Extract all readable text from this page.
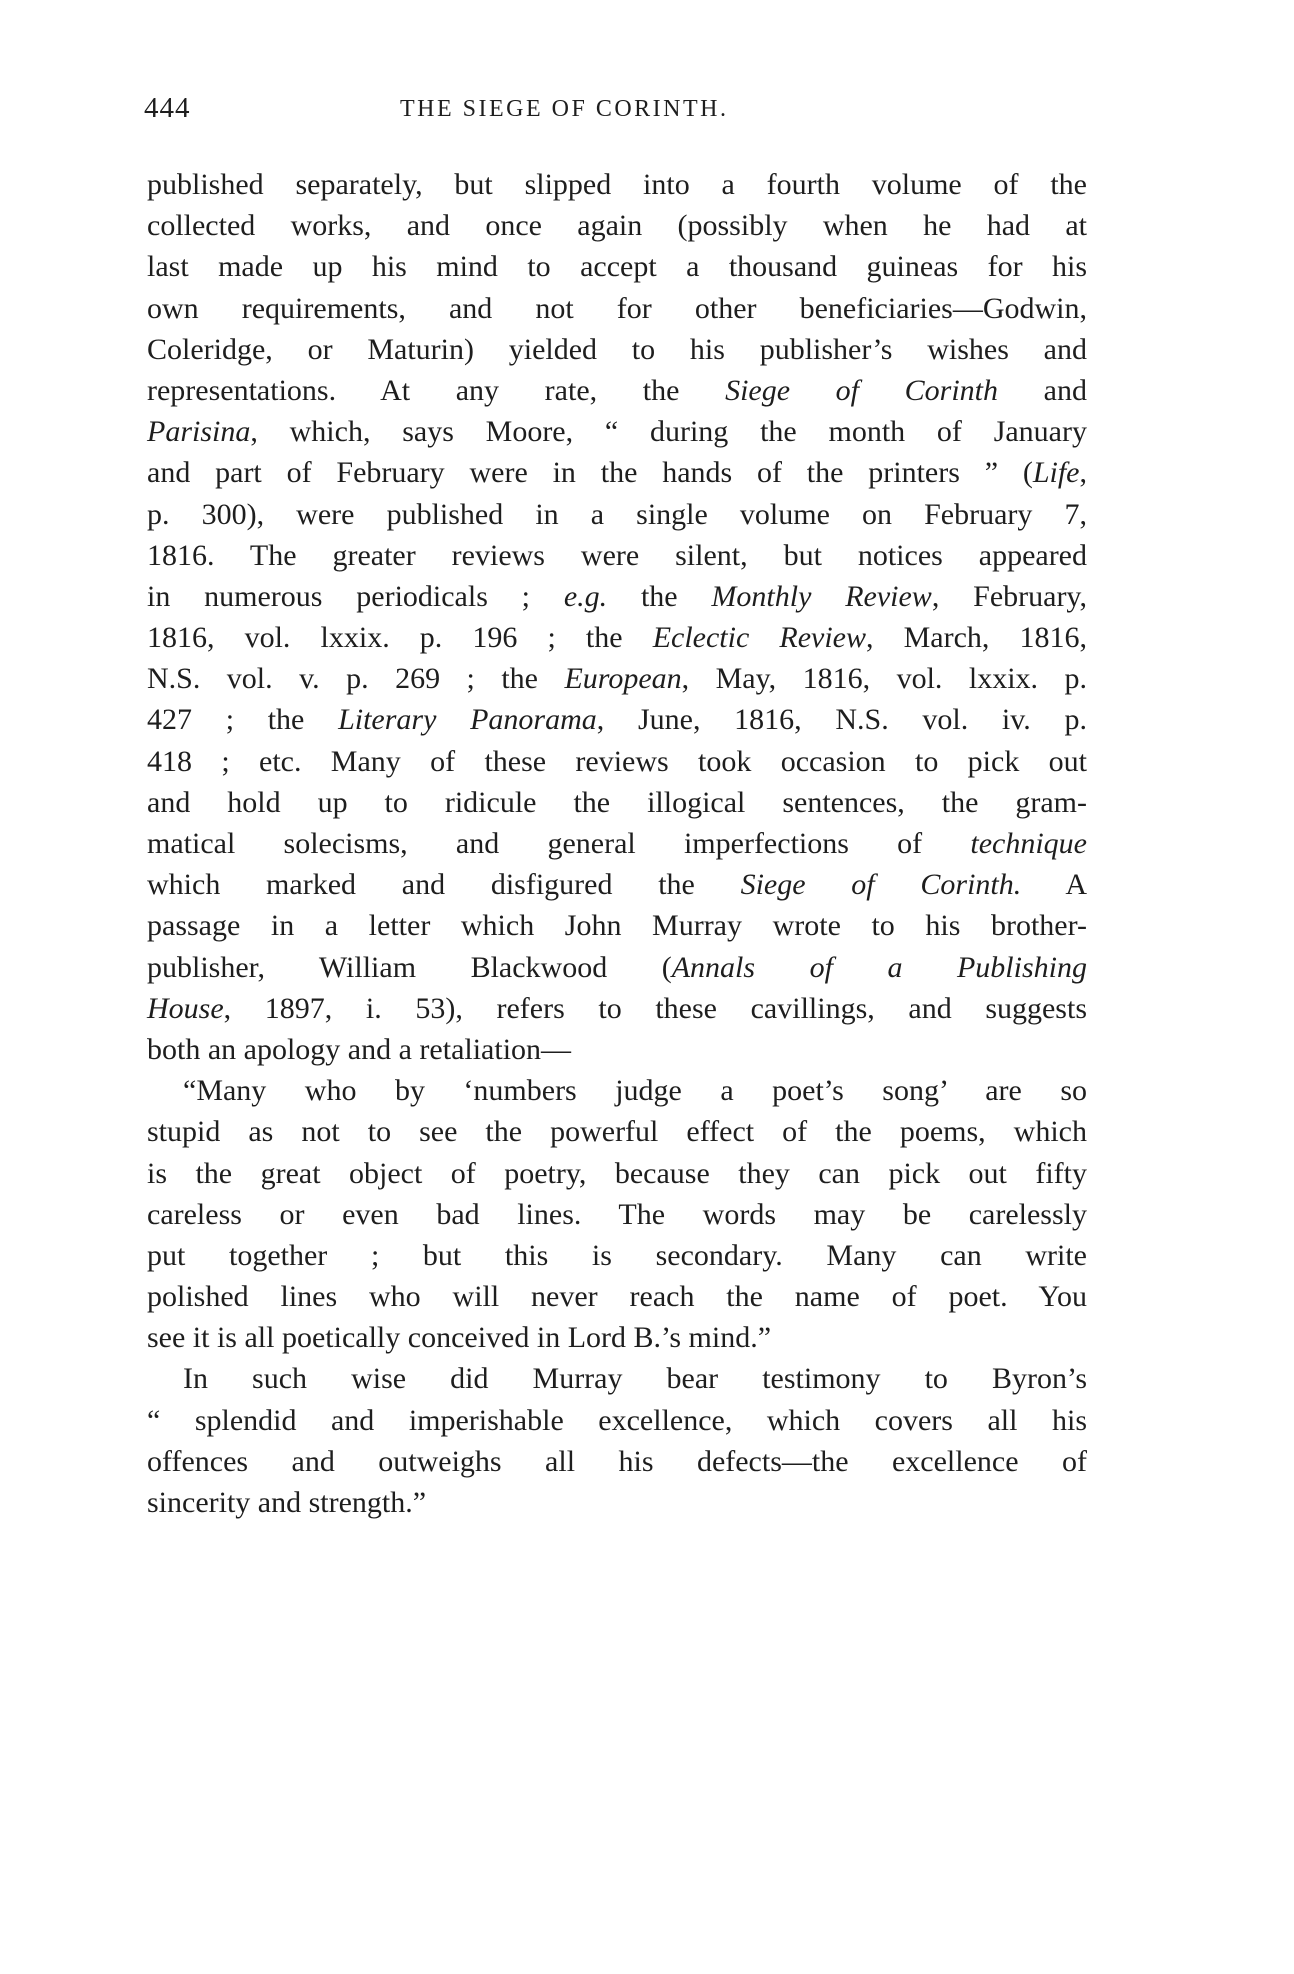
444	THE SIEGE OF CORINTH.
published separately, but slipped into a fourth volume of the
collected works, and once again (possibly when he had at
last made up his mind to accept a thousand guineas for his
own requirements, and not for other beneficiaries—Godwin,
Coleridge, or Maturin) yielded to his publisher’s wishes and
representations. At any rate, the Siege of Corinth and
Parisina, which, says Moore, “ during the month of January
and part of February were in the hands of the printers ” (Life,
p. 300), were published in a single volume on February 7,
1816. The greater reviews were silent, but notices appeared
in numerous periodicals ; e.g. the Monthly Review, February,
1816, vol. lxxix. p. 196 ; the Eclectic Review, March, 1816,
N.S. vol. v. p. 269 ; the European, May, 1816, vol. lxxix. p.
427 ; the Literary Panorama, June, 1816, N.S. vol. iv. p.
418 ; etc. Many of these reviews took occasion to pick out
and hold up to ridicule the illogical sentences, the gram-
matical solecisms, and general imperfections of technique
which marked and disfigured the Siege of Corinth. A
passage in a letter which John Murray wrote to his brother-
publisher, William Blackwood (Annals of a Publishing
House, 1897, i. 53), refers to these cavillings, and suggests
both an apology and a retaliation—
“Many who by ‘numbers judge a poet’s song’ are so
stupid as not to see the powerful effect of the poems, which
is the great object of poetry, because they can pick out fifty
careless or even bad lines. The words may be carelessly
put together ; but this is secondary. Many can write
polished lines who will never reach the name of poet. You
see it is all poetically conceived in Lord B.’s mind.”
In such wise did Murray bear testimony to Byron’s
“ splendid and imperishable excellence, which covers all his
offences and outweighs all his defects—the excellence of
sincerity and strength.”
